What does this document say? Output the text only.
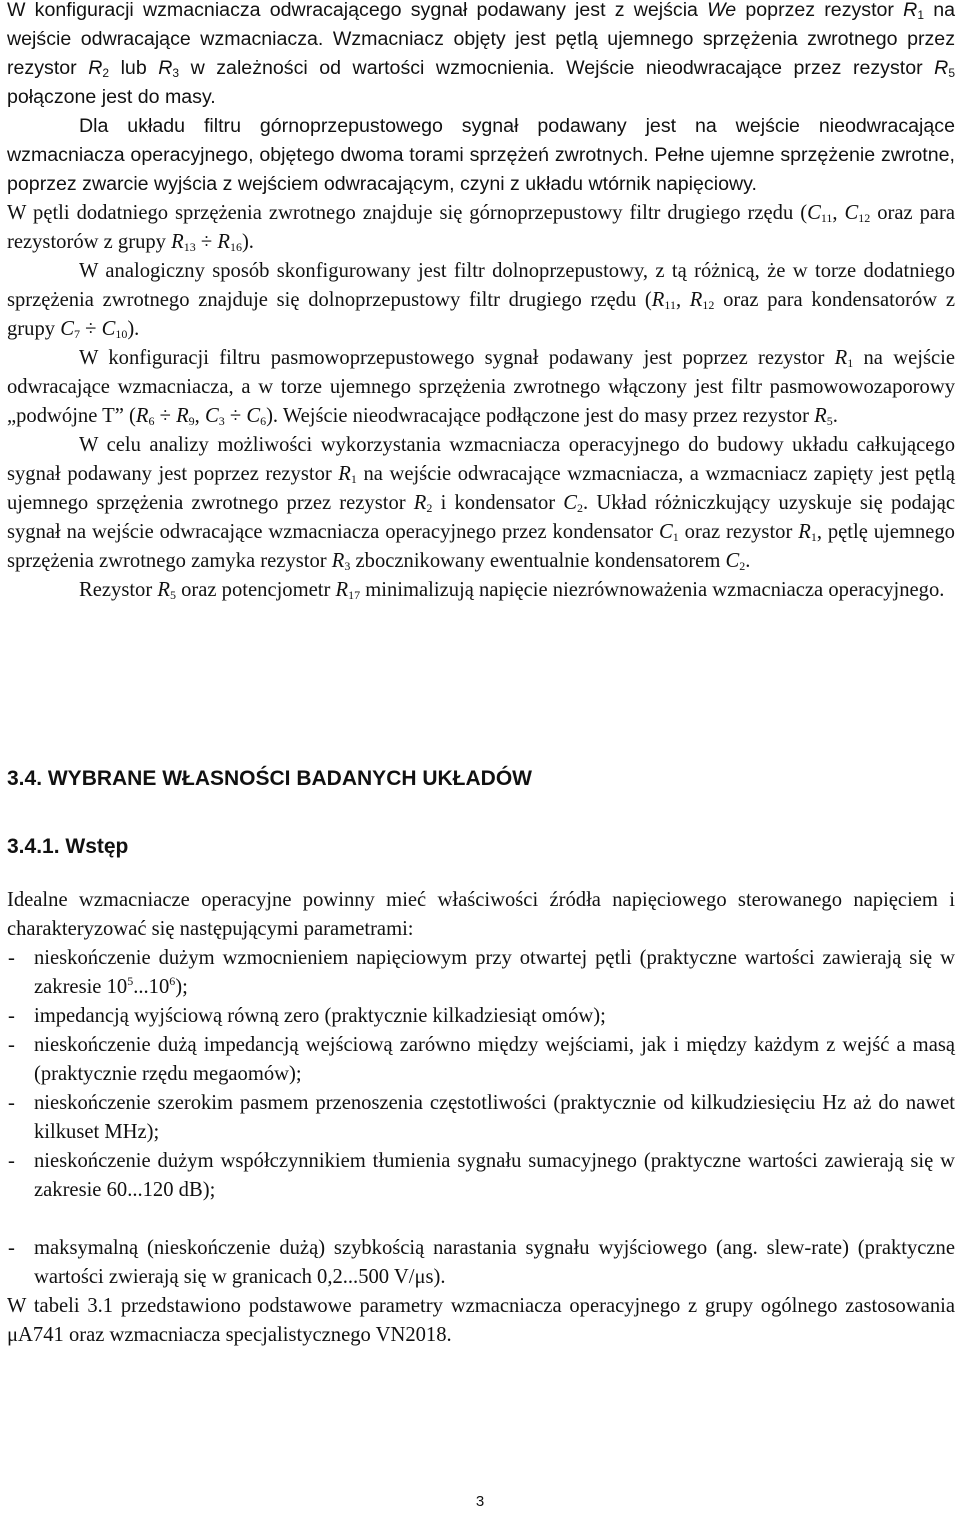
W konfiguracji wzmacniacza odwracającego sygnał podawany jest z wejścia We poprzez rezystor $R_1$ na wejście odwracające wzmacniacza. Wzmacniacz objęty jest pętlą ujemnego sprzężenia zwrotnego przez rezystor $R_2$ lub $R_3$ w zależności od wartości wzmocnienia. Wejście nieodwracające przez rezystor $R_5$ połączone jest do masy.

Dla układu filtru górnoprzepustowego sygnał podawany jest na wejście nieodwracające wzmacniacza operacyjnego, objętego dwoma torami sprzężeń zwrotnych. Pełne ujemne sprzężenie zwrotne, poprzez zwarcie wyjścia z wejściem odwracającym, czyni z układu wtórnik napięciowy.

W pętli dodatniego sprzężenia zwrotnego znajduje się górnoprzepustowy filtr drugiego rzędu ($C_{11}$, $C_{12}$ oraz para rezystorów z grupy $R_{13} \div R_{16}$).

W analogiczny sposób skonfigurowany jest filtr dolnoprzepustowy, z tą różnicą, że w torze dodatniego sprzężenia zwrotnego znajduje się dolnoprzepustowy filtr drugiego rzędu ($R_{11}$, $R_{12}$ oraz para kondensatorów z grupy $C_7 \div C_{10}$).

W konfiguracji filtru pasmowoprzepustowego sygnał podawany jest poprzez rezystor $R_1$ na wejście odwracające wzmacniacza, a w torze ujemnego sprzężenia zwrotnego włączony jest filtr pasmowowozaporowy „podwójne T” ($R_6 \div R_9$, $C_3 \div C_6$). Wejście nieodwracające podłączone jest do masy przez rezystor $R_5$.

W celu analizy możliwości wykorzystania wzmacniacza operacyjnego do budowy układu całkującego sygnał podawany jest poprzez rezystor $R_1$ na wejście odwracające wzmacniacza, a wzmacniacz zapięty jest pętlą ujemnego sprzężenia zwrotnego przez rezystor $R_2$ i kondensator $C_2$. Układ różniczkujący uzyskuje się podając sygnał na wejście odwracające wzmacniacza operacyjnego przez kondensator $C_1$ oraz rezystor $R_1$, pętlę ujemnego sprzężenia zwrotnego zamyka rezystor $R_3$ zbocznikowany ewentualnie kondensatorem $C_2$.

Rezystor $R_5$ oraz potencjometr $R_{17}$ minimalizują napięcie niezrównoważenia wzmacniacza operacyjnego.

3.4. WYBRANE WŁASNOŚCI BADANYCH UKŁADÓW
3.4.1. Wstęp

Idealne wzmacniacze operacyjne powinny mieć właściwości źródła napięciowego sterowanego napięciem i charakteryzować się następującymi parametrami:

- nieskończenie dużym wzmocnieniem napięciowym przy otwartej pętli (praktyczne wartości zawierają się w zakresie $10^5...10^6$);
- impedancją wyjściową równą zero (praktycznie kilkadziesiąt omów);
- nieskończenie dużą impedancją wejściową zarówno między wejściami, jak i między każdym z wejść a masą (praktycznie rzędu megaomów);
- nieskończenie szerokim pasmem przenoszenia częstotliwości (praktycznie od kilkudziesięciu Hz aż do nawet kilkuset MHz);
- nieskończenie dużym współczynnikiem tłumienia sygnału sumacyjnego (praktyczne wartości zawierają się w zakresie 60...120 dB);
- maksymalną (nieskończenie dużą) szybkością narastania sygnału wyjściowego (ang. slew-rate) (praktyczne wartości zwierają się w granicach 0,2...500 V/μs).

W tabeli 3.1 przedstawiono podstawowe parametry wzmacniacza operacyjnego z grupy ogólnego zastosowania μA741 oraz wzmacniacza specjalistycznego VN2018.

3
